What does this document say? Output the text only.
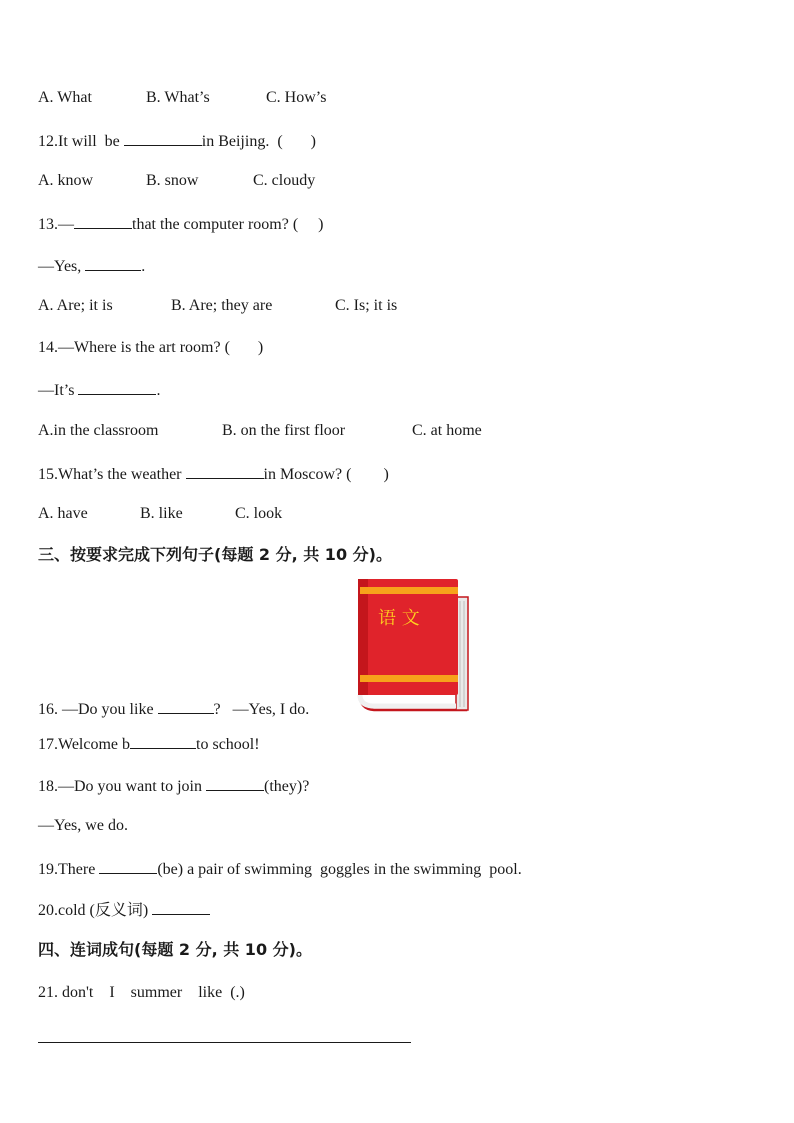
A. What	B. What’s	C. How’s
12.It will  be	in Beijing.  (       )
A. know	B. snow	C. cloudy
13.—	that the computer room? (     )
—Yes,	.
A. Are; it is	B. Are; they are	C. Is; it is
14.—Where is the art room? (       )
—It’s	.
A.in the classroom	B. on the first floor	C. at home
15.What’s the weather	in Moscow? (        )
A. have	B. like	C. look
三、按要求完成下列句子(每题 2 分, 共 10 分)。
语 文
16. —Do you like	?   —Yes, I do.
17.Welcome b	to school!
18.—Do you want to join	(they)?
—Yes, we do.
19.There	(be) a pair of swimming  goggles in the swimming  pool.
20.cold (反义词)
四、连词成句(每题 2 分, 共 10 分)。
21. don't    I    summer    like  (.)
